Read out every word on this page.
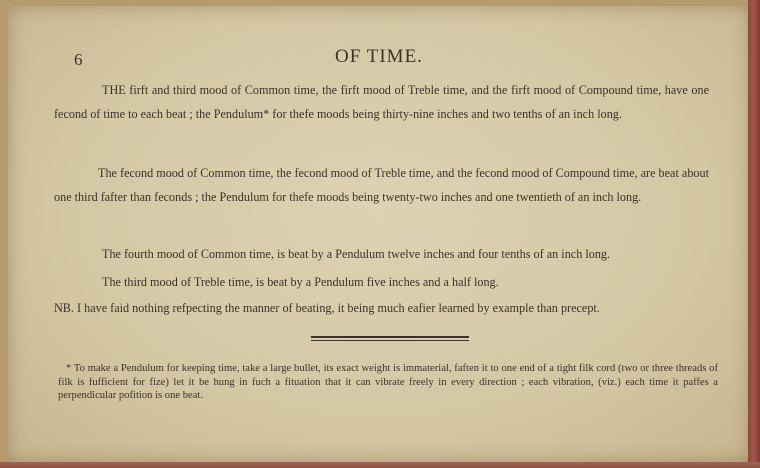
6	OF TIME.

THE firft and third mood of Common time, the firft mood of Treble time, and the firft mood of Compound time, have one fecond of time to each beat ; the Pendulum* for thefe moods being thirty-nine inches and two tenths of an inch long.

The fecond mood of Common time, the fecond mood of Treble time, and the fecond mood of Compound time, are beat about one third fafter than feconds ; the Pendulum for thefe moods being twenty-two inches and one twentieth of an inch long.

The fourth mood of Common time, is beat by a Pendulum twelve inches and four tenths of an inch long.

The third mood of Treble time, is beat by a Pendulum five inches and a half long.

NB. I have faid nothing refpecting the manner of beating, it being much eafier learned by example than precept.

* To make a Pendulum for keeping time, take a large bullet, its exact weight is immaterial, faften it to one end of a tight filk cord (two or three threads of filk is fufficient for fize) let it be hung in fuch a fituation that it can vibrate freely in every direction ; each vibration, (viz.) each time it paffes a perpendicular pofition is one beat.
